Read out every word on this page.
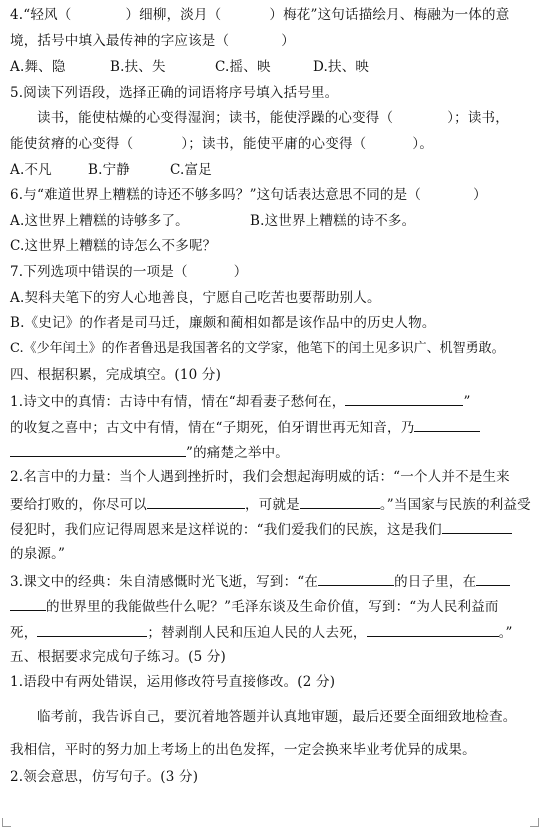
4.“轻风（	）细柳，淡月（	）梅花”这句话描绘月、梅融为一体的意
境，括号中填入最传神的字应该是（	）
A.舞、隐	B.扶、失	C.摇、映	D.扶、映
5.阅读下列语段，选择正确的词语将序号填入括号里。
读书，能使枯燥的心变得湿润；读书，能使浮躁的心变得（	）；读书，
能使贫瘠的心变得（	）；读书，能使平庸的心变得（	）。
A.不凡	B.宁静	C.富足
6.与“难道世界上糟糕的诗还不够多吗？”这句话表达意思不同的是（	）
A.这世界上糟糕的诗够多了。	B.这世界上糟糕的诗不多。
C.这世界上糟糕的诗怎么不多呢？
7.下列选项中错误的一项是（	）
A.契科夫笔下的穷人心地善良，宁愿自己吃苦也要帮助别人。
B.《史记》的作者是司马迁，廉颇和蔺相如都是该作品中的历史人物。
C.《少年闰土》的作者鲁迅是我国著名的文学家，他笔下的闰土见多识广、机智勇敢。
四、根据积累，完成填空。(10 分)
1.诗文中的真情：古诗中有情，情在“却看妻子愁何在，	”
的收复之喜中；古文中有情，情在“子期死，伯牙谓世再无知音，乃
”的痛楚之举中。
2.名言中的力量：当个人遇到挫折时，我们会想起海明威的话：“一个人并不是生来
要给打败的，你尽可以	，可就是	。”当国家与民族的利益受
侵犯时，我们应记得周恩来是这样说的：“我们爱我们的民族，这是我们
的泉源。”
3.课文中的经典：朱自清感慨时光飞逝，写到：“在	的日子里，在
的世界里的我能做些什么呢？”毛泽东谈及生命价值，写到：“为人民利益而
死，	；替剥削人民和压迫人民的人去死，	。”
五、根据要求完成句子练习。(5 分)
1.语段中有两处错误，运用修改符号直接修改。(2 分)
临考前，我告诉自己，要沉着地答题并认真地审题，最后还要全面细致地检查。
我相信，平时的努力加上考场上的出色发挥，一定会换来毕业考优异的成果。
2.领会意思，仿写句子。(3 分)
